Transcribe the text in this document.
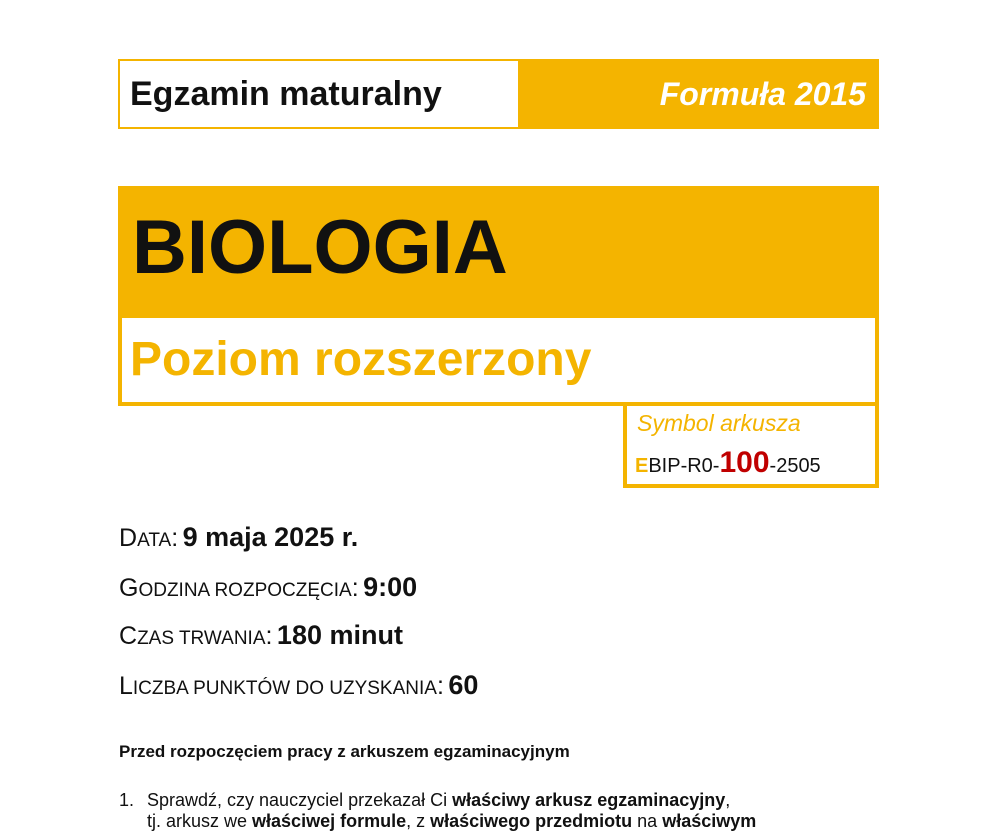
Egzamin maturalny	Formuła 2015
BIOLOGIA
Poziom rozszerzony
Symbol arkusza
EBIP-R0-100-2505
DATA: 9 maja 2025 r.
GODZINA ROZPOCZĘCIA: 9:00
CZAS TRWANIA: 180 minut
LICZBA PUNKTÓW DO UZYSKANIA: 60
Przed rozpoczęciem pracy z arkuszem egzaminacyjnym
1. Sprawdź, czy nauczyciel przekazał Ci właściwy arkusz egzaminacyjny,
tj. arkusz we właściwej formule, z właściwego przedmiotu na właściwym
